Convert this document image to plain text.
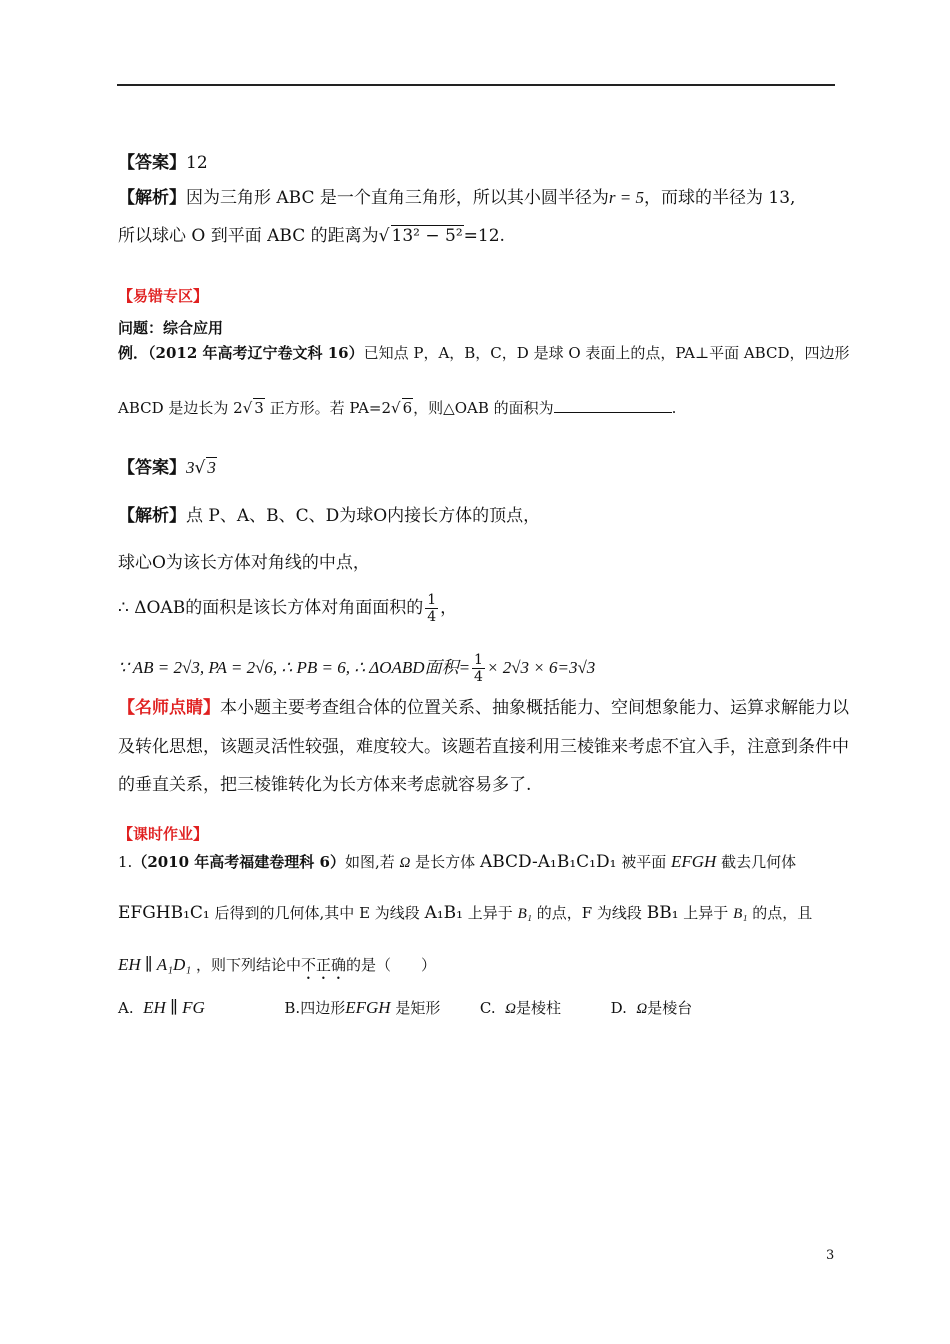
【答案】12
【解析】因为三角形 ABC 是一个直角三角形，所以其小圆半径为r = 5，而球的半径为 13,
所以球心 O 到平面 ABC 的距离为√ 13² − 5²=12.
【易错专区】
问题：综合应用
例．（2012 年高考辽宁卷文科 16）已知点 P，A，B，C，D 是球 O 表面上的点，PA⊥平面 ABCD，四边形
ABCD 是边长为 2√ 3 正方形。若 PA=2√ 6，则△OAB 的面积为	.
【答案】3√ 3
【解析】点 P、A、B、C、D为球O内接长方体的顶点，
球心O为该长方体对角线的中点，
∴ ΔOAB的面积是该长方体对角面面积的 $\frac{1}{4}$ ，
∵ AB = 2√3, PA = 2√6, ∴ PB = 6, ∴ ΔOABD面积= $\frac{1}{4} \times 2√3 \times 6=3√3$
【名师点睛】本小题主要考查组合体的位置关系、抽象概括能力、空间想象能力、运算求解能力以
及转化思想，该题灵活性较强，难度较大。该题若直接利用三棱锥来考虑不宜入手，注意到条件中
的垂直关系，把三棱锥转化为长方体来考虑就容易多了.
【课时作业】
1.（2010 年高考福建卷理科 6）如图,若 Ω 是长方体 ABCD-A₁B₁C₁D₁ 被平面 EFGH 截去几何体
EFGHB₁C₁ 后得到的几何体,其中 E 为线段 A₁B₁ 上异于 B₁ 的点，F 为线段 BB₁ 上异于 B₁ 的点，且
EH ∥ A₁D₁ ，则下列结论中不正确的是（　　）
A. EH ∥ FG	B.四边形EFGH 是矩形	C. Ω是棱柱	D. Ω是棱台
3
